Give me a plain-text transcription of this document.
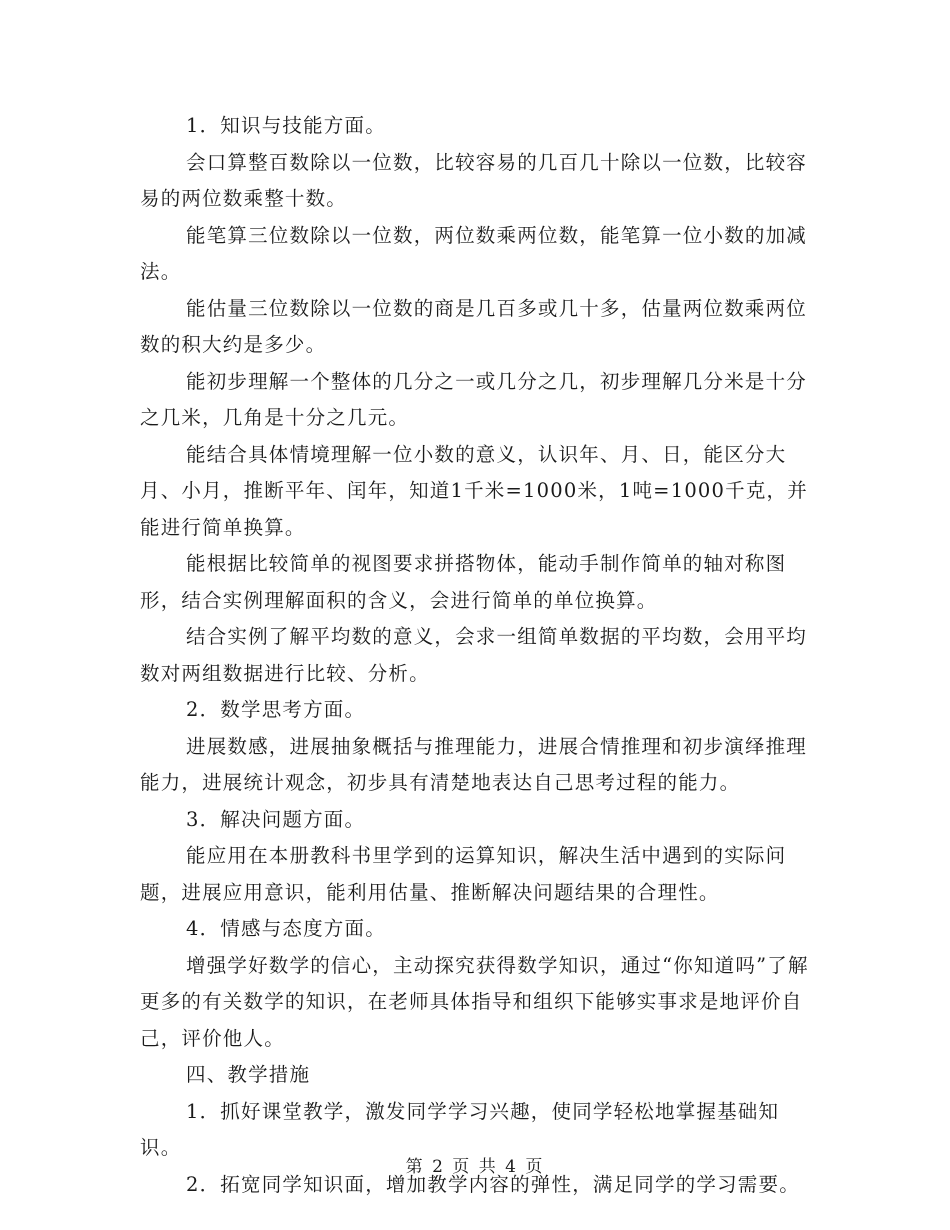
1．知识与技能方面。

会口算整百数除以一位数，比较容易的几百几十除以一位数，比较容易的两位数乘整十数。

能笔算三位数除以一位数，两位数乘两位数，能笔算一位小数的加减法。

能估量三位数除以一位数的商是几百多或几十多，估量两位数乘两位数的积大约是多少。

能初步理解一个整体的几分之一或几分之几，初步理解几分米是十分之几米，几角是十分之几元。

能结合具体情境理解一位小数的意义，认识年、月、日，能区分大月、小月，推断平年、闰年，知道1千米=1000米，1吨=1000千克，并能进行简单换算。

能根据比较简单的视图要求拼搭物体，能动手制作简单的轴对称图形，结合实例理解面积的含义，会进行简单的单位换算。

结合实例了解平均数的意义，会求一组简单数据的平均数，会用平均数对两组数据进行比较、分析。

2．数学思考方面。

进展数感，进展抽象概括与推理能力，进展合情推理和初步演绎推理能力，进展统计观念，初步具有清楚地表达自己思考过程的能力。

3．解决问题方面。

能应用在本册教科书里学到的运算知识，解决生活中遇到的实际问题，进展应用意识，能利用估量、推断解决问题结果的合理性。

4．情感与态度方面。

增强学好数学的信心，主动探究获得数学知识，通过“你知道吗”了解更多的有关数学的知识，在老师具体指导和组织下能够实事求是地评价自己，评价他人。

四、教学措施

1．抓好课堂教学，激发同学学习兴趣，使同学轻松地掌握基础知识。

2．拓宽同学知识面，增加教学内容的弹性，满足同学的学习需要。

第 2 页 共 4 页
